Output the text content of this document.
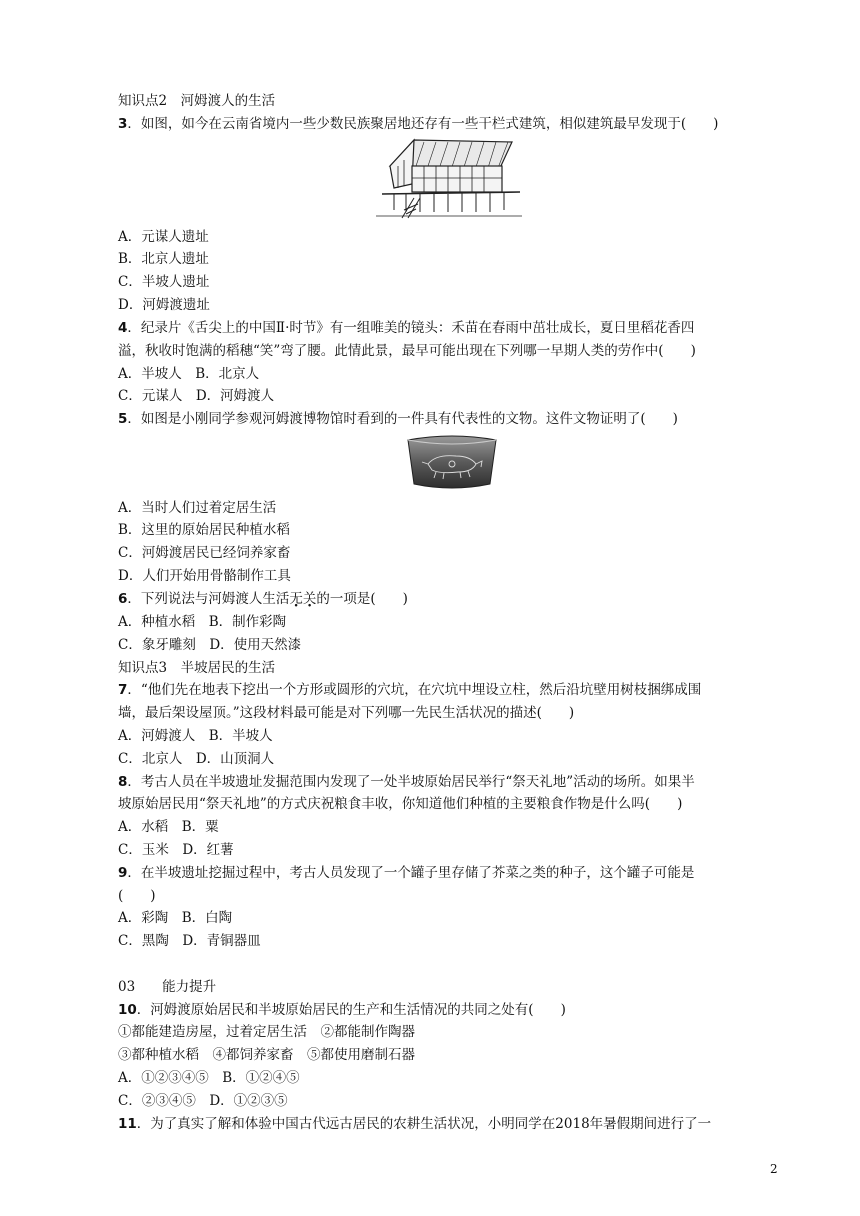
知识点2　河姆渡人的生活
3．如图，如今在云南省境内一些少数民族聚居地还存有一些干栏式建筑，相似建筑最早发现于(　　)
A．元谋人遗址
B．北京人遗址
C．半坡人遗址
D．河姆渡遗址
4．纪录片《舌尖上的中国Ⅱ·时节》有一组唯美的镜头：禾苗在春雨中茁壮成长，夏日里稻花香四
溢，秋收时饱满的稻穗“笑”弯了腰。此情此景，最早可能出现在下列哪一早期人类的劳作中(　　)
A．半坡人　B．北京人
C．元谋人　D．河姆渡人
5．如图是小刚同学参观河姆渡博物馆时看到的一件具有代表性的文物。这件文物证明了(　　)
A．当时人们过着定居生活
B．这里的原始居民种植水稻
C．河姆渡居民已经饲养家畜
D．人们开始用骨骼制作工具
6．下列说法与河姆渡人生活无关的一项是(　　)
A．种植水稻　B．制作彩陶
C．象牙雕刻　D．使用天然漆
知识点3　半坡居民的生活
7．“他们先在地表下挖出一个方形或圆形的穴坑，在穴坑中埋设立柱，然后沿坑壁用树枝捆绑成围
墙，最后架设屋顶。”这段材料最可能是对下列哪一先民生活状况的描述(　　)
A．河姆渡人　B．半坡人
C．北京人　D．山顶洞人
8．考古人员在半坡遗址发掘范围内发现了一处半坡原始居民举行“祭天礼地”活动的场所。如果半
坡原始居民用“祭天礼地”的方式庆祝粮食丰收，你知道他们种植的主要粮食作物是什么吗(　　)
A．水稻　B．粟
C．玉米　D．红薯
9．在半坡遗址挖掘过程中，考古人员发现了一个罐子里存储了芥菜之类的种子，这个罐子可能是
(　　)
A．彩陶　B．白陶
C．黑陶　D．青铜器皿
03　　能力提升
10．河姆渡原始居民和半坡原始居民的生产和生活情况的共同之处有(　　)
①都能建造房屋，过着定居生活　②都能制作陶器
③都种植水稻　④都饲养家畜　⑤都使用磨制石器
A．①②③④⑤　B．①②④⑤
C．②③④⑤　D．①②③⑤
11．为了真实了解和体验中国古代远古居民的农耕生活状况，小明同学在2018年暑假期间进行了一
2
